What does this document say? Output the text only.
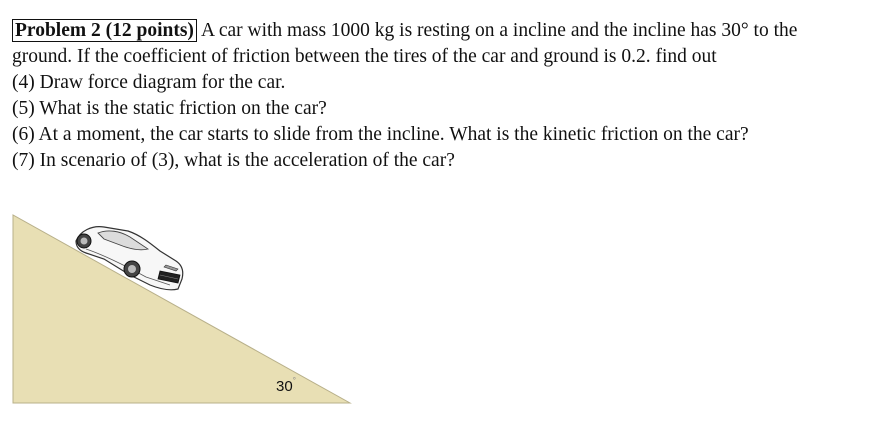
Problem 2 (12 points) A car with mass 1000 kg is resting on a incline and the incline has 30° to the
ground. If the coefficient of friction between the tires of the car and ground is 0.2. find out
(4) Draw force diagram for the car.
(5) What is the static friction on the car?
(6) At a moment, the car starts to slide from the incline. What is the kinetic friction on the car?
(7) In scenario of (3), what is the acceleration of the car?
30°
